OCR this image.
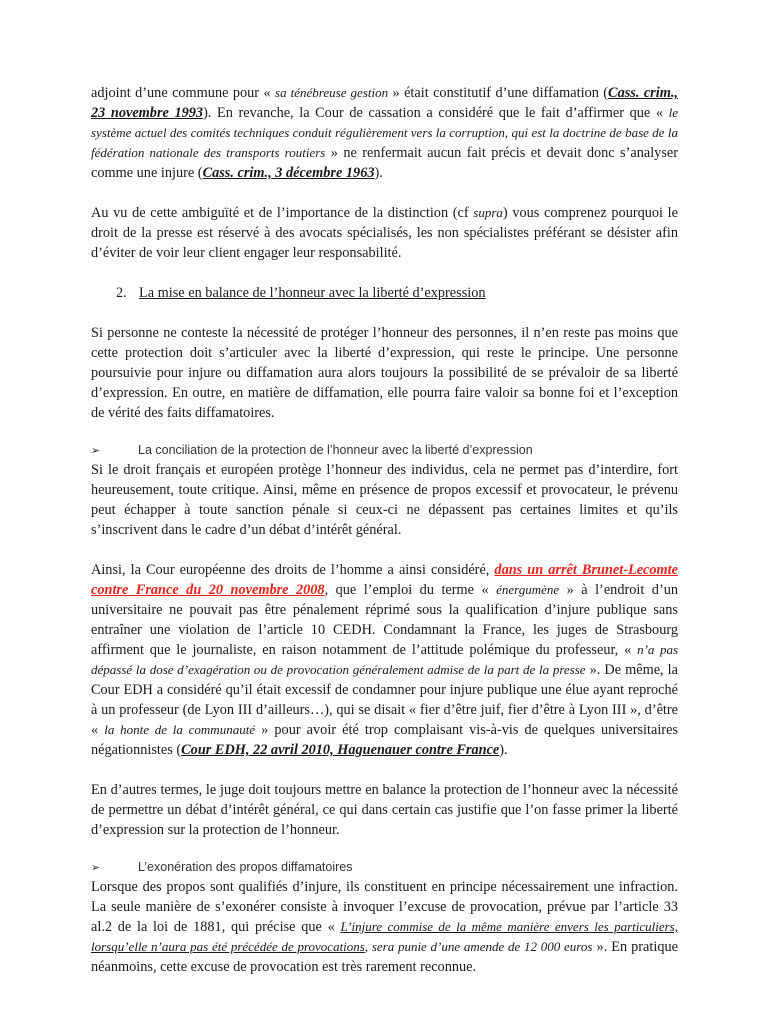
adjoint d’une commune pour « sa ténébreuse gestion » était constitutif d’une diffamation (Cass. crim., 23 novembre 1993). En revanche, la Cour de cassation a considéré que le fait d’affirmer que « le système actuel des comités techniques conduit régulièrement vers la corruption, qui est la doctrine de base de la fédération nationale des transports routiers » ne renfermait aucun fait précis et devait donc s’analyser comme une injure (Cass. crim., 3 décembre 1963).

Au vu de cette ambiguïté et de l’importance de la distinction (cf supra) vous comprenez pourquoi le droit de la presse est réservé à des avocats spécialisés, les non spécialistes préférant se désister afin d’éviter de voir leur client engager leur responsabilité.

2. La mise en balance de l’honneur avec la liberté d’expression

Si personne ne conteste la nécessité de protéger l’honneur des personnes, il n’en reste pas moins que cette protection doit s’articuler avec la liberté d’expression, qui reste le principe. Une personne poursuivie pour injure ou diffamation aura alors toujours la possibilité de se prévaloir de sa liberté d’expression. En outre, en matière de diffamation, elle pourra faire valoir sa bonne foi et l’exception de vérité des faits diffamatoires.

➢	La conciliation de la protection de l’honneur avec la liberté d’expression

Si le droit français et européen protège l’honneur des individus, cela ne permet pas d’interdire, fort heureusement, toute critique. Ainsi, même en présence de propos excessif et provocateur, le prévenu peut échapper à toute sanction pénale si ceux-ci ne dépassent pas certaines limites et qu’ils s’inscrivent dans le cadre d’un débat d’intérêt général.

Ainsi, la Cour européenne des droits de l’homme a ainsi considéré, dans un arrêt Brunet-Lecomte contre France du 20 novembre 2008, que l’emploi du terme « énergumène » à l’endroit d’un universitaire ne pouvait pas être pénalement réprimé sous la qualification d’injure publique sans entraîner une violation de l’article 10 CEDH. Condamnant la France, les juges de Strasbourg affirment que le journaliste, en raison notamment de l’attitude polémique du professeur, « n’a pas dépassé la dose d’exagération ou de provocation généralement admise de la part de la presse ». De même, la Cour EDH a considéré qu’il était excessif de condamner pour injure publique une élue ayant reproché à un professeur (de Lyon III d’ailleurs…), qui se disait « fier d’être juif, fier d’être à Lyon III », d’être « la honte de la communauté » pour avoir été trop complaisant vis-à-vis de quelques universitaires négationnistes (Cour EDH, 22 avril 2010, Haguenauer contre France).

En d’autres termes, le juge doit toujours mettre en balance la protection de l’honneur avec la nécessité de permettre un débat d’intérêt général, ce qui dans certain cas justifie que l’on fasse primer la liberté d’expression sur la protection de l’honneur.

➢	L’exonération des propos diffamatoires

Lorsque des propos sont qualifiés d’injure, ils constituent en principe nécessairement une infraction. La seule manière de s’exonérer consiste à invoquer l’excuse de provocation, prévue par l’article 33 al.2 de la loi de 1881, qui précise que « L’injure commise de la même manière envers les particuliers, lorsqu’elle n’aura pas été précédée de provocations, sera punie d’une amende de 12 000 euros ». En pratique néanmoins, cette excuse de provocation est très rarement reconnue.
